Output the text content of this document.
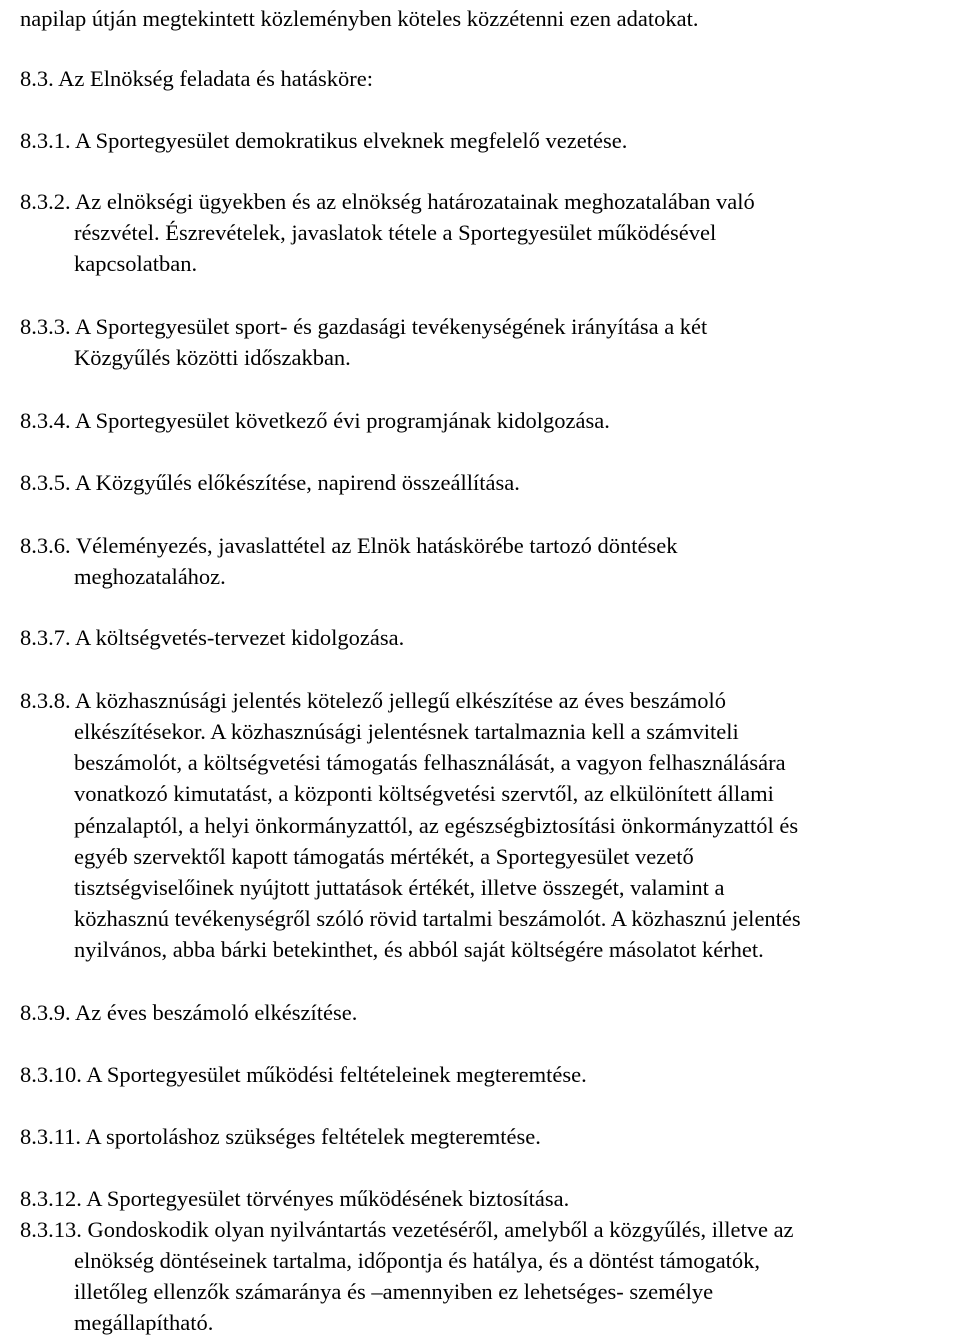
napilap útján megtekintett közleményben köteles közzétenni ezen adatokat.
8.3. Az Elnökség feladata és hatásköre:
8.3.1. A Sportegyesület demokratikus elveknek megfelelő vezetése.
8.3.2. Az elnökségi ügyekben és az elnökség határozatainak meghozatalában való
részvétel. Észrevételek, javaslatok tétele a Sportegyesület működésével
kapcsolatban.
8.3.3. A Sportegyesület sport- és gazdasági tevékenységének irányítása a két
Közgyűlés közötti időszakban.
8.3.4. A Sportegyesület következő évi programjának kidolgozása.
8.3.5. A Közgyűlés előkészítése, napirend összeállítása.
8.3.6. Véleményezés, javaslattétel az Elnök hatáskörébe tartozó döntések
meghozatalához.
8.3.7. A költségvetés-tervezet kidolgozása.
8.3.8. A közhasznúsági jelentés kötelező jellegű elkészítése az éves beszámoló
elkészítésekor. A közhasznúsági jelentésnek tartalmaznia kell a számviteli
beszámolót, a költségvetési támogatás felhasználását, a vagyon felhasználására
vonatkozó kimutatást, a központi költségvetési szervtől, az elkülönített állami
pénzalaptól, a helyi önkormányzattól, az egészségbiztosítási önkormányzattól és
egyéb szervektől kapott támogatás mértékét, a Sportegyesület vezető
tisztségviselőinek nyújtott juttatások értékét, illetve összegét, valamint a
közhasznú tevékenységről szóló rövid tartalmi beszámolót. A közhasznú jelentés
nyilvános, abba bárki betekinthet, és abból saját költségére másolatot kérhet.
8.3.9. Az éves beszámoló elkészítése.
8.3.10. A Sportegyesület működési feltételeinek megteremtése.
8.3.11. A sportoláshoz szükséges feltételek megteremtése.
8.3.12. A Sportegyesület törvényes működésének biztosítása.
8.3.13. Gondoskodik olyan nyilvántartás vezetéséről, amelyből a közgyűlés, illetve az
elnökség döntéseinek tartalma, időpontja és hatálya, és a döntést támogatók,
illetőleg ellenzők számaránya és –amennyiben ez lehetséges- személye
megállapítható.
